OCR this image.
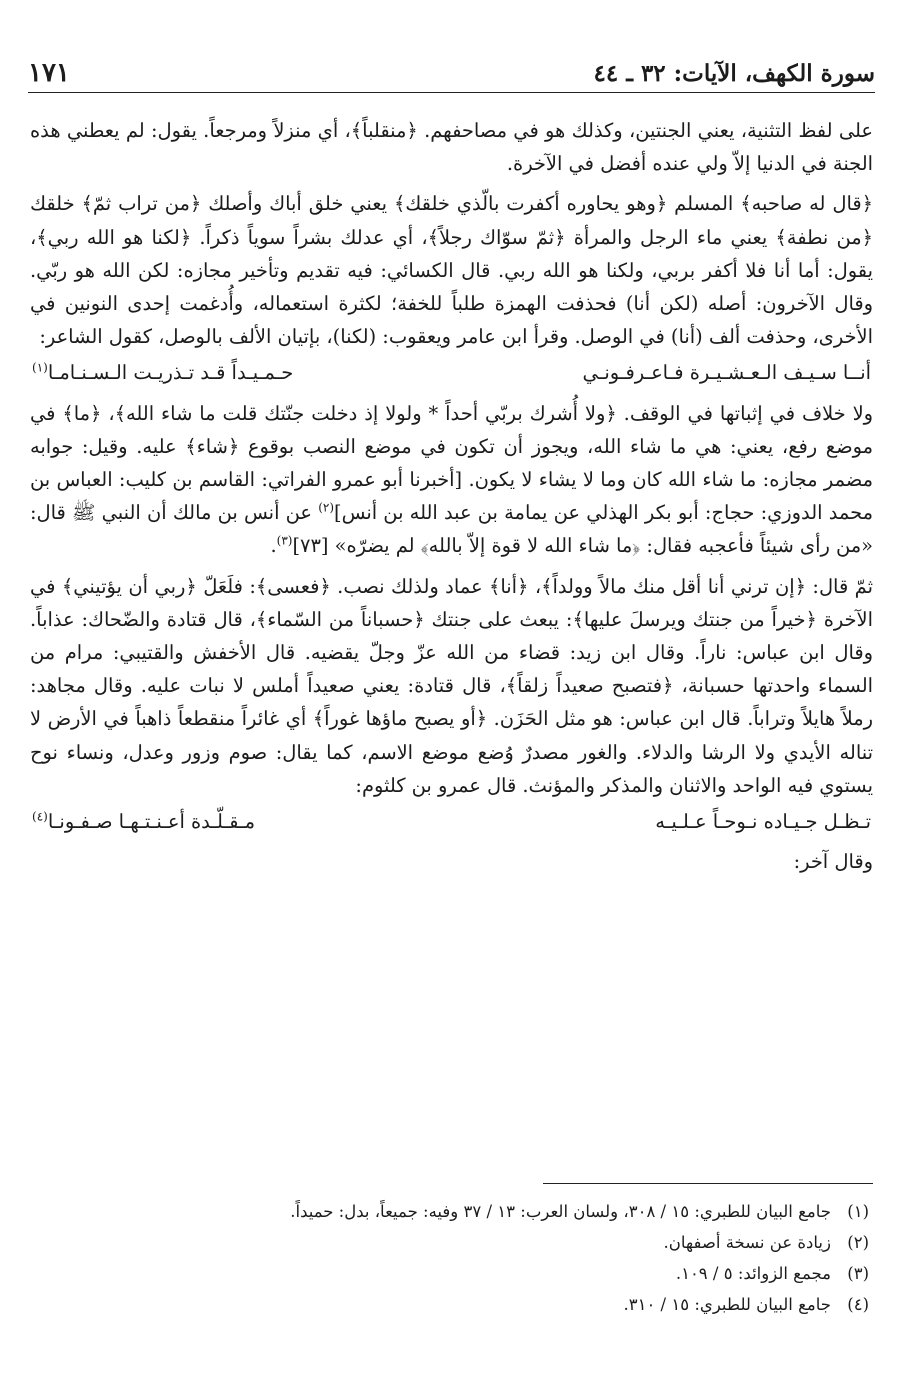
سورة الكهف، الآيات: ٣٢ ـ ٤٤
١٧١

على لفظ التثنية، يعني الجنتين، وكذلك هو في مصاحفهم. ﴿منقلباً﴾، أي منزلاً ومرجعاً. يقول: لم يعطني هذه الجنة في الدنيا إلاّ ولي عنده أفضل في الآخرة.

﴿قال له صاحبه﴾ المسلم ﴿وهو يحاوره أكفرت بالّذي خلقك﴾ يعني خلق أباك وأصلك ﴿من تراب ثمّ﴾ خلقك ﴿من نطفة﴾ يعني ماء الرجل والمرأة ﴿ثمّ سوّاك رجلاً﴾، أي عدلك بشراً سوياً ذكراً. ﴿لكنا هو الله ربي﴾، يقول: أما أنا فلا أكفر بربي، ولكنا هو الله ربي. قال الكسائي: فيه تقديم وتأخير مجازه: لكن الله هو ربّي. وقال الآخرون: أصله (لكن أنا) فحذفت الهمزة طلباً للخفة؛ لكثرة استعماله، وأُدغمت إحدى النونين في الأخرى، وحذفت ألف (أنا) في الوصل. وقرأ ابن عامر ويعقوب: (لكنا)، بإتيان الألف بالوصل، كقول الشاعر:

أنــا سـيـف الـعـشـيـرة فـاعـرفـونـي
حـمـيـداً قـد تـذريـت الـسـنـامـا$^{(١)}$

ولا خلاف في إثباتها في الوقف. ﴿ولا أُشرك بربّي أحداً * ولولا إذ دخلت جنّتك قلت ما شاء الله﴾، ﴿ما﴾ في موضع رفع، يعني: هي ما شاء الله، ويجوز أن تكون في موضع النصب بوقوع ﴿شاء﴾ عليه. وقيل: جوابه مضمر مجازه: ما شاء الله كان وما لا يشاء لا يكون. [أخبرنا أبو عمرو الفراتي: القاسم بن كليب: العباس بن محمد الدوزي: حجاج: أبو بكر الهذلي عن يمامة بن عبد الله بن أنس]$^{(٢)}$ عن أنس بن مالك أن النبي ﷺ قال: «من رأى شيئاً فأعجبه فقال: ﴿ما شاء الله لا قوة إلاّ بالله﴾ لم يضرّه» [٧٣]$^{(٣)}$.

ثمّ قال: ﴿إن ترني أنا أقل منك مالاً وولداً﴾، ﴿أنا﴾ عماد ولذلك نصب. ﴿فعسى﴾: فلَعَلّ ﴿ربي أن يؤتيني﴾ في الآخرة ﴿خيراً من جنتك ويرسلَ عليها﴾: يبعث على جنتك ﴿حسباناً من السّماء﴾، قال قتادة والضّحاك: عذاباً. وقال ابن عباس: ناراً. وقال ابن زيد: قضاء من الله عزّ وجلّ يقضيه. قال الأخفش والقتيبي: مرام من السماء واحدتها حسبانة، ﴿فتصبح صعيداً زلقاً﴾، قال قتادة: يعني صعيداً أملس لا نبات عليه. وقال مجاهد: رملاً هايلاً وتراباً. قال ابن عباس: هو مثل الحَزَن. ﴿أو يصبح ماؤها غوراً﴾ أي غائراً منقطعاً ذاهباً في الأرض لا تناله الأيدي ولا الرشا والدلاء. والغور مصدرٌ وُضع موضع الاسم، كما يقال: صوم وزور وعدل، ونساء نوح يستوي فيه الواحد والاثنان والمذكر والمؤنث. قال عمرو بن كلثوم:

تـظـل جـيـاده نـوحـاً عـلـيـه
مـقـلّـدة أعـنـتـهـا صـفـونـا$^{(٤)}$

وقال آخر:

(١)
جامع البيان للطبري: ١٥ / ٣٠٨، ولسان العرب: ١٣ / ٣٧ وفيه: جميعاً، بدل: حميداً.
(٢)
زيادة عن نسخة أصفهان.
(٣)
مجمع الزوائد: ٥ / ١٠٩.
(٤)
جامع البيان للطبري: ١٥ / ٣١٠.
